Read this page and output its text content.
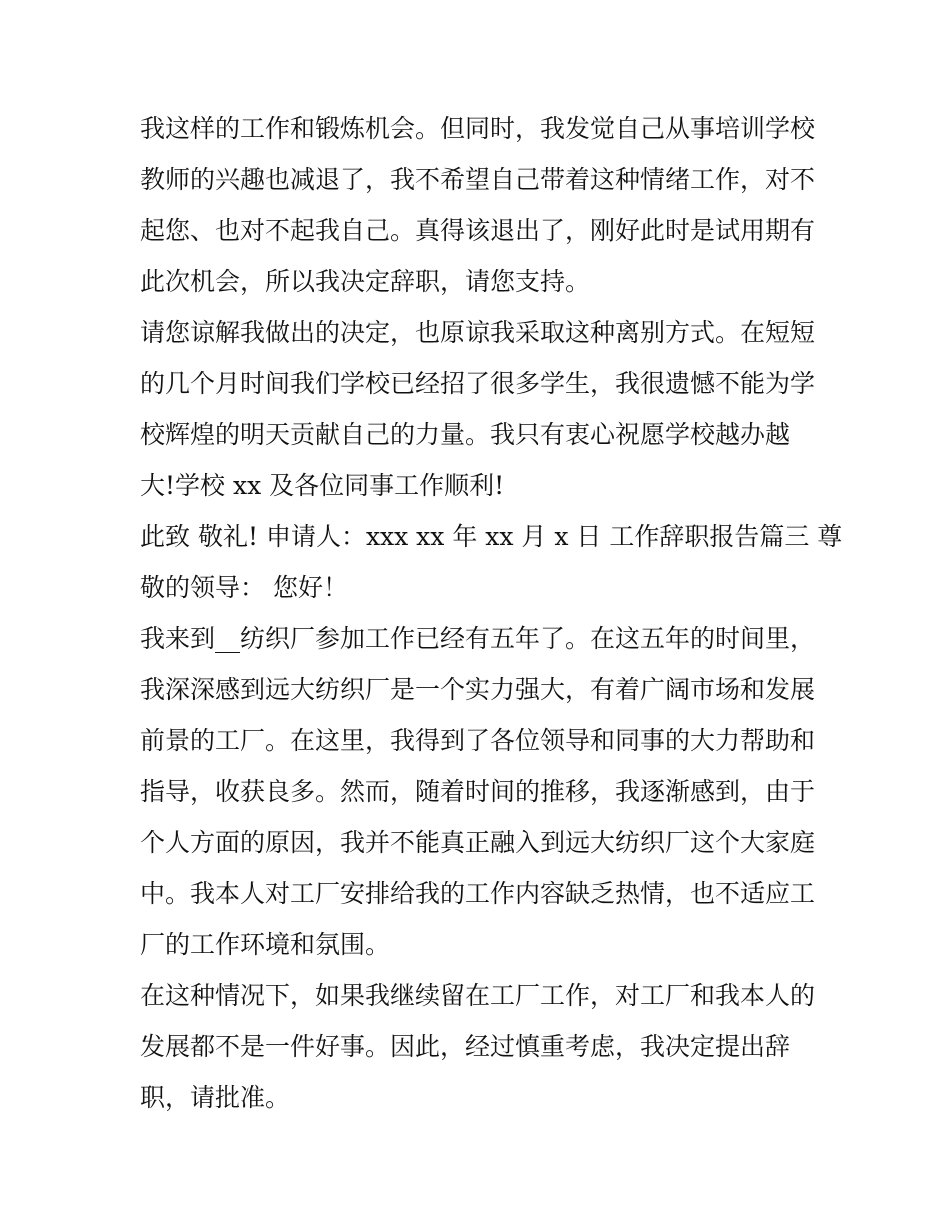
我这样的工作和锻炼机会。但同时，我发觉自己从事培训学校
教师的兴趣也减退了，我不希望自己带着这种情绪工作，对不
起您、也对不起我自己。真得该退出了，刚好此时是试用期有
此次机会，所以我决定辞职，请您支持。
请您谅解我做出的决定，也原谅我采取这种离别方式。在短短
的几个月时间我们学校已经招了很多学生，我很遗憾不能为学
校辉煌的明天贡献自己的力量。我只有衷心祝愿学校越办越
大!学校 xx 及各位同事工作顺利!
此致 敬礼! 申请人：xxx xx 年 xx 月 x 日 工作辞职报告篇三 尊
敬的领导： 您好！
我来到__纺织厂参加工作已经有五年了。在这五年的时间里，
我深深感到远大纺织厂是一个实力强大，有着广阔市场和发展
前景的工厂。在这里，我得到了各位领导和同事的大力帮助和
指导，收获良多。然而，随着时间的推移，我逐渐感到，由于
个人方面的原因，我并不能真正融入到远大纺织厂这个大家庭
中。我本人对工厂安排给我的工作内容缺乏热情，也不适应工
厂的工作环境和氛围。
在这种情况下，如果我继续留在工厂工作，对工厂和我本人的
发展都不是一件好事。因此，经过慎重考虑，我决定提出辞
职，请批准。
